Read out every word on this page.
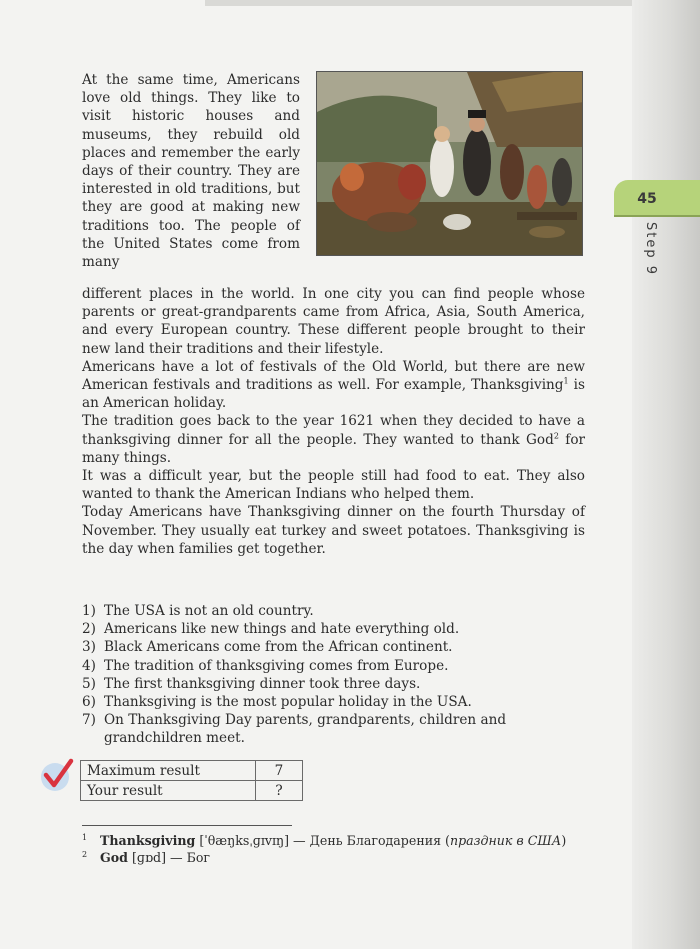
45
Step 9

At the same time, Americans love old things. They like to visit historic houses and museums, they rebuild old places and remember the early days of their country. They are interested in old traditions, but they are good at making new traditions too. The people of the United States come from many

different places in the world. In one city you can find people whose parents or great-grandparents came from Africa, Asia, South America, and every European country. These different people brought to their new land their traditions and their lifestyle.

Americans have a lot of festivals of the Old World, but there are new American festivals and traditions as well. For example, Thanksgiving$^1$ is an American holiday.

The tradition goes back to the year 1621 when they decided to have a thanksgiving dinner for all the people. They wanted to thank God$^2$ for many things.

It was a difficult year, but the people still had food to eat. They also wanted to thank the American Indians who helped them.

Today Americans have Thanksgiving dinner on the fourth Thursday of November. They usually eat turkey and sweet potatoes. Thanksgiving is the day when families get together.

1) The USA is not an old country.
2) Americans like new things and hate everything old.
3) Black Americans come from the African continent.
4) The tradition of thanksgiving comes from Europe.
5) The first thanksgiving dinner took three days.
6) Thanksgiving is the most popular holiday in the USA.
7) On Thanksgiving Day parents, grandparents, children and grandchildren meet.
Maximum result	7
Your result	?
1 Thanksgiving [ˈθæŋksˌɡɪvɪŋ] — День Благодарения (праздник в США)
2 God [ɡɒd] — Бог
